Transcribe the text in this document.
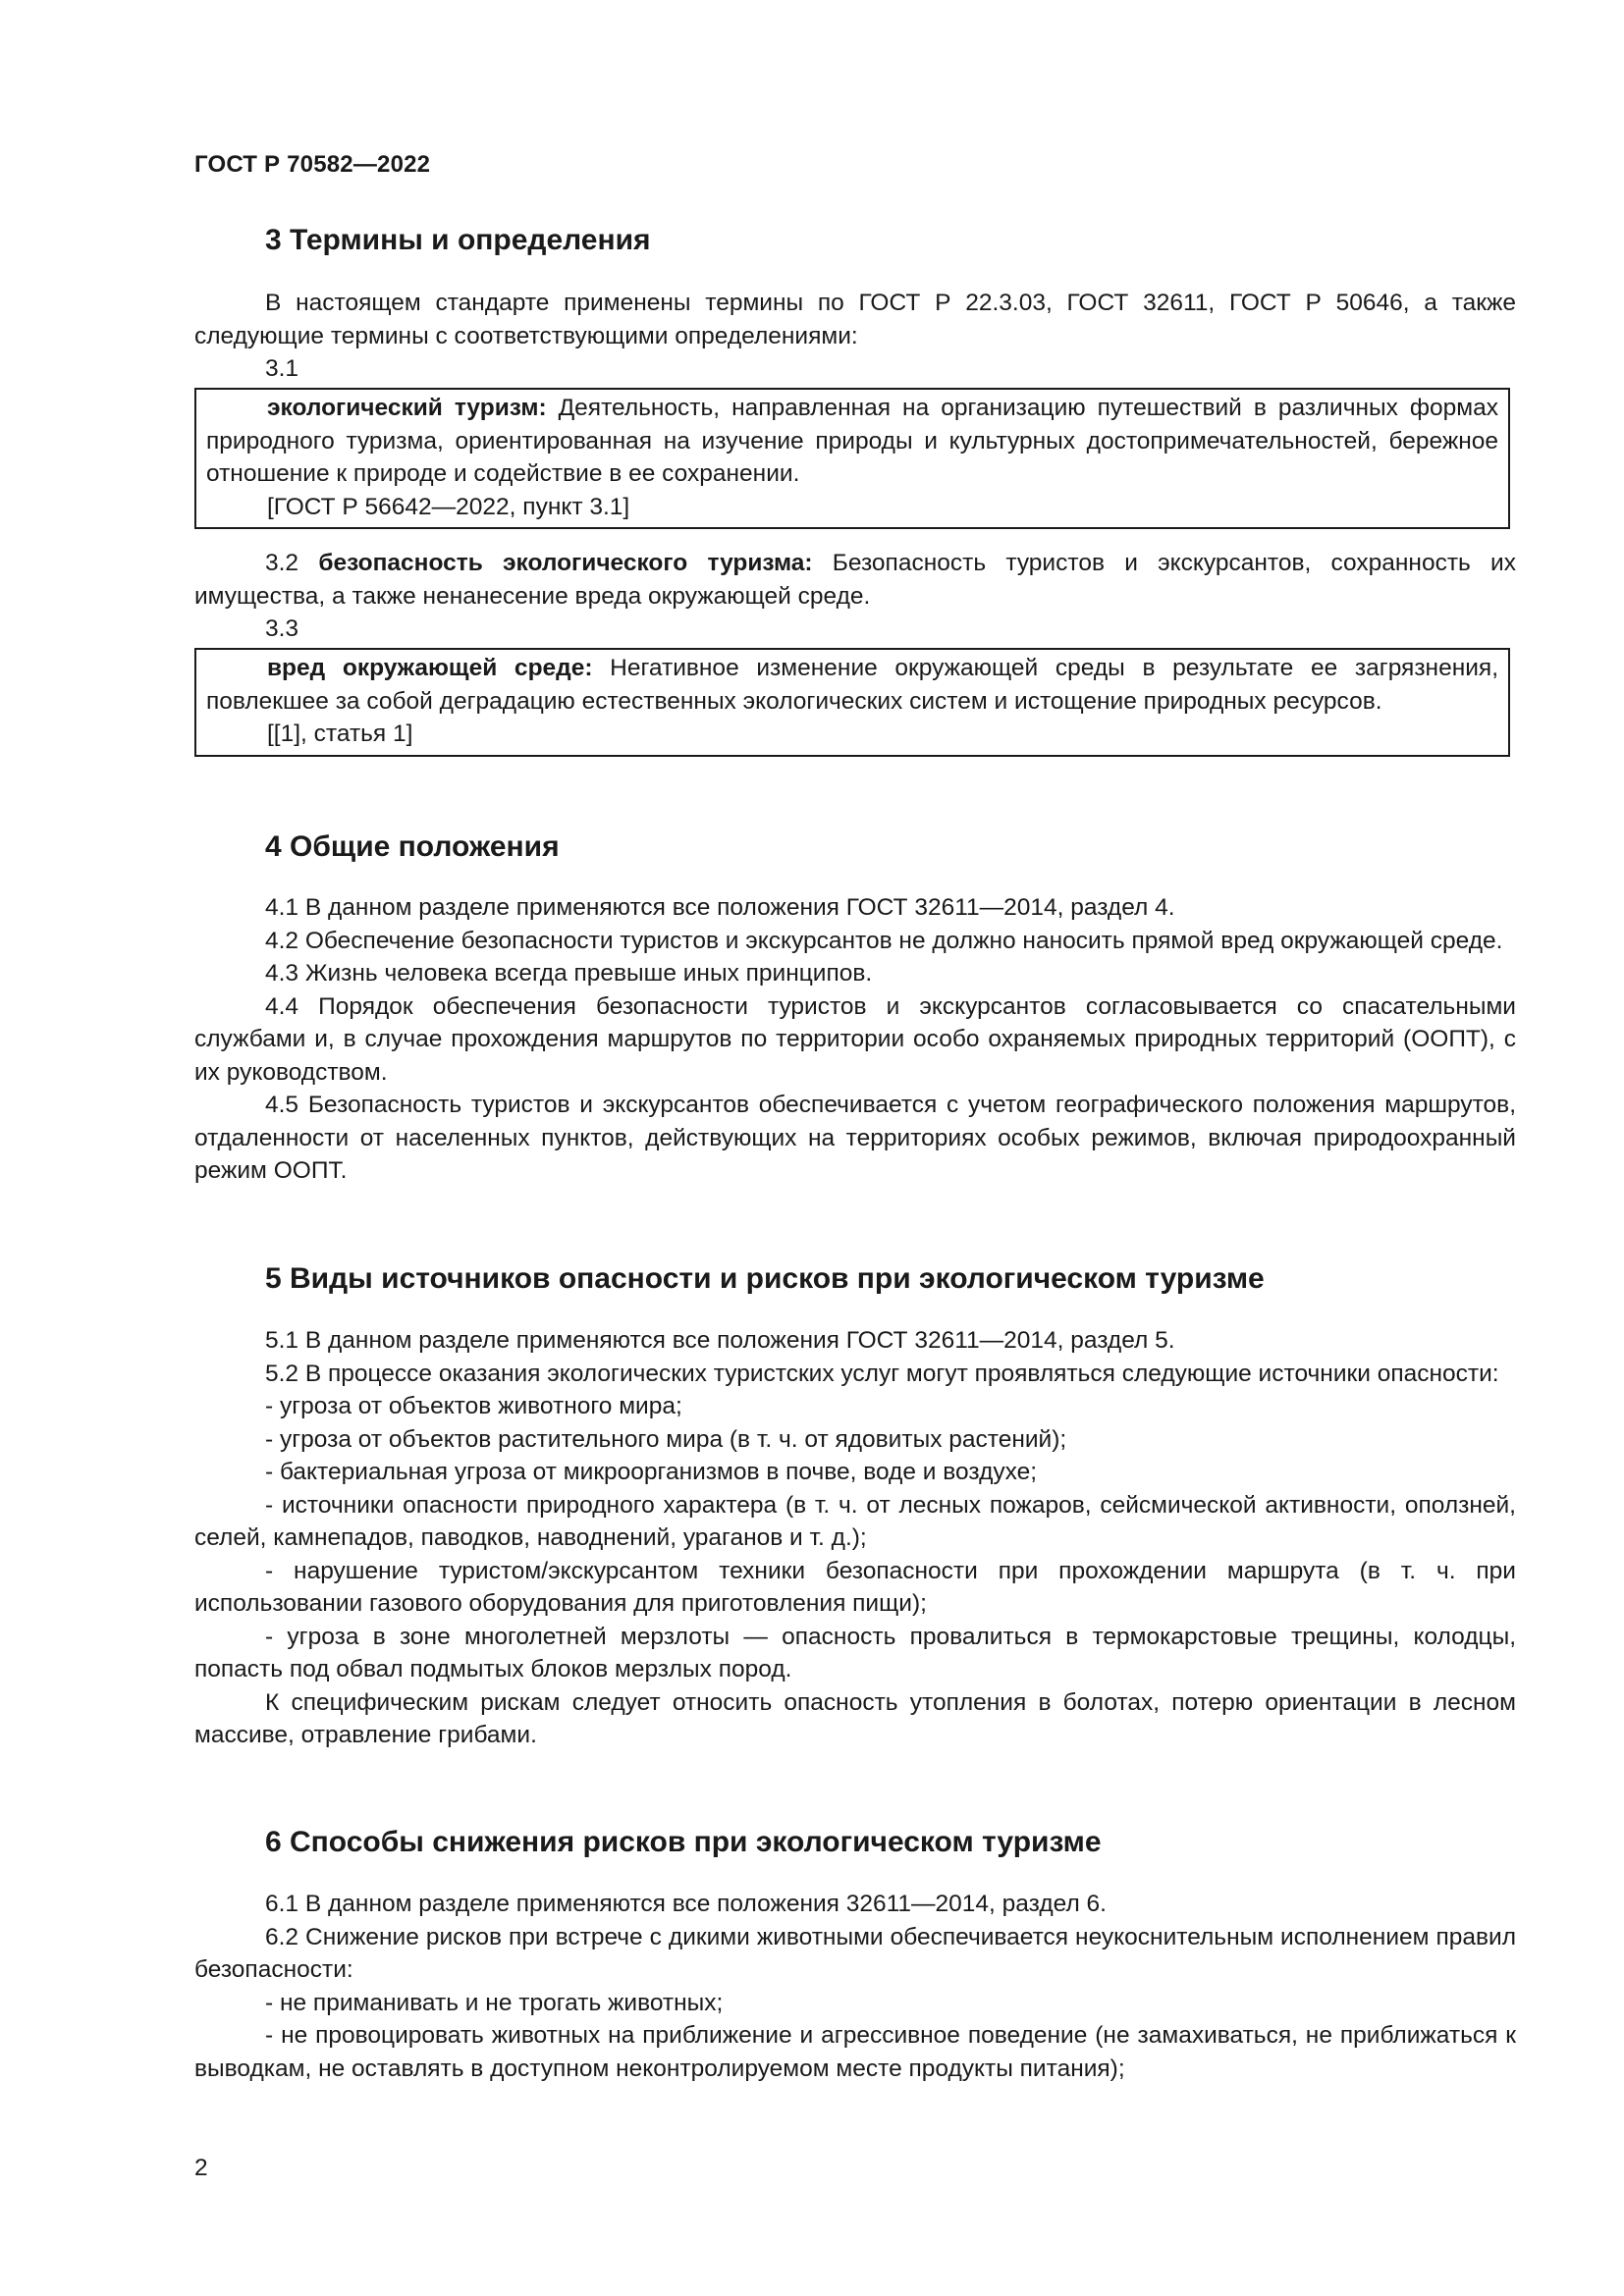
ГОСТ Р 70582—2022
3 Термины и определения

В настоящем стандарте применены термины по ГОСТ Р 22.3.03, ГОСТ 32611, ГОСТ Р 50646, а также следующие термины с соответствующими определениями:

3.1

экологический туризм: Деятельность, направленная на организацию путешествий в различных формах природного туризма, ориентированная на изучение природы и культурных достопримечательностей, бережное отношение к природе и содействие в ее сохранении.

[ГОСТ Р 56642—2022, пункт 3.1]

3.2 безопасность экологического туризма: Безопасность туристов и экскурсантов, сохранность их имущества, а также ненанесение вреда окружающей среде.

3.3

вред окружающей среде: Негативное изменение окружающей среды в результате ее загрязнения, повлекшее за собой деградацию естественных экологических систем и истощение природных ресурсов.

[[1], статья 1]

4 Общие положения

4.1 В данном разделе применяются все положения ГОСТ 32611—2014, раздел 4.

4.2 Обеспечение безопасности туристов и экскурсантов не должно наносить прямой вред окружающей среде.

4.3 Жизнь человека всегда превыше иных принципов.

4.4 Порядок обеспечения безопасности туристов и экскурсантов согласовывается со спасательными службами и, в случае прохождения маршрутов по территории особо охраняемых природных территорий (ООПТ), с их руководством.

4.5 Безопасность туристов и экскурсантов обеспечивается с учетом географического положения маршрутов, отдаленности от населенных пунктов, действующих на территориях особых режимов, включая природоохранный режим ООПТ.

5 Виды источников опасности и рисков при экологическом туризме

5.1 В данном разделе применяются все положения ГОСТ 32611—2014, раздел 5.

5.2 В процессе оказания экологических туристских услуг могут проявляться следующие источники опасности:

- угроза от объектов животного мира;

- угроза от объектов растительного мира (в т. ч. от ядовитых растений);

- бактериальная угроза от микроорганизмов в почве, воде и воздухе;

- источники опасности природного характера (в т. ч. от лесных пожаров, сейсмической активности, оползней, селей, камнепадов, паводков, наводнений, ураганов и т. д.);

- нарушение туристом/экскурсантом техники безопасности при прохождении маршрута (в т. ч. при использовании газового оборудования для приготовления пищи);

- угроза в зоне многолетней мерзлоты — опасность провалиться в термокарстовые трещины, колодцы, попасть под обвал подмытых блоков мерзлых пород.

К специфическим рискам следует относить опасность утопления в болотах, потерю ориентации в лесном массиве, отравление грибами.

6 Способы снижения рисков при экологическом туризме

6.1 В данном разделе применяются все положения 32611—2014, раздел 6.

6.2 Снижение рисков при встрече с дикими животными обеспечивается неукоснительным исполнением правил безопасности:

- не приманивать и не трогать животных;

- не провоцировать животных на приближение и агрессивное поведение (не замахиваться, не приближаться к выводкам, не оставлять в доступном неконтролируемом месте продукты питания);

2
